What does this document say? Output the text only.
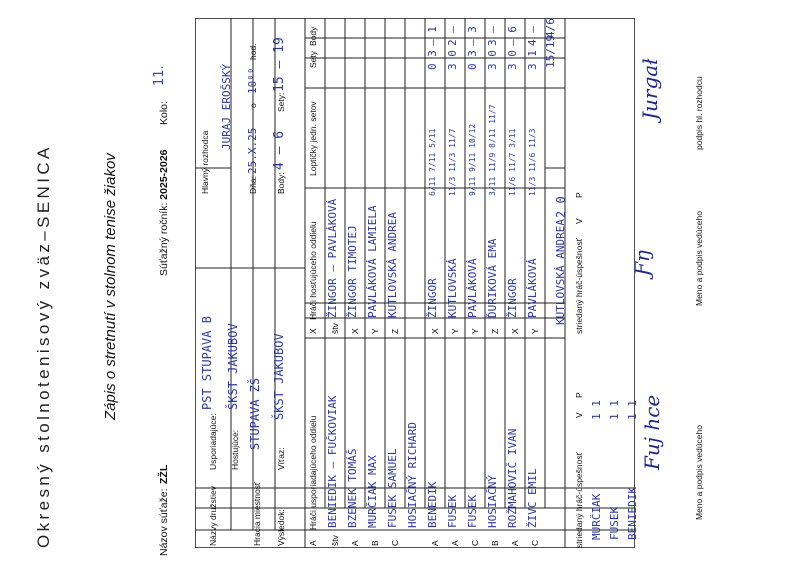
Okresný stolnotenisový zväz–SENICA	Zápis o stretnutí v stolnom tenise žiakov
Názov súťaže:
ZŽL
Súťažný ročník: 2025-2026
Kolo:
11.
Názvy družstiev
Usporiadajúce: Hostujúce:
PST STUPAVA B ŠKST JAKUBOV
Hracia miestnosť
STUPAVA ZŠ
Výsledok:
Víťaz:
ŠKST JAKUBOV
Hlavný rozhodca
JURAJ EROŠSKÝ
Dňa:
25.X.25
o
10⁰⁰
hod.
Body:
4 – 6
Sety:
15 – 19
A
Hráči usporiadajúceho oddielu
X
Hráči hosťujúceho oddielu
Loptičky jedn. setov
Sety
Body
štv
BENIEDIK – FUČKOVIAK
A
BZENEK TOMÁŠ
B
MURČIAK MAX
C
FUSEK SAMUEL HOSIAČNÝ RICHARD
štv
ŽINGOR – PAVLÁKOVÁ
X
ŽINGOR TIMOTEJ
Y
PAVLÁKOVÁ LAMIELA
Z
KUTLOVSKÁ ANDREA
A
BENEDIK
X
ŽINGOR
6/11 7/11 5/11
0 3
– 1
A
FUSEK
Y
KUTLOVSKÁ
11/3 11/3 11/7
3 0
2 –
C
FUSEK
Y
PAVLÁKOVÁ
9/11 9/11 10/12
0 3
– 3
B
HOSIAČNÝ
Z
ĎURIKOVÁ EMA
3/11 11/9 8/11 11/7
3 0
3 –
A
ROŽMAHOVIČ IVAN
X
ŽINGOR
11/6 11/7 3/11
3 0
– 6
C
ŽIVC EMIL
Y
PAVLÁKOVÁ
11/3 11/6 11/3
3 1
4 –
striedaný hráč-úspešnosť
V
P
striedaný hráč-úspešnosť
V
P
KUTLOVSKÁ ANDREA
2 0
15/19
4/6
MURČIAK
1 1
FUSEK
1 1
BENIEDIK
1 1
Meno a podpis vedúceho
Meno a podpis vedúceho
podpis hl. rozhodcu
Fuj hce
Ƒŋ
Jurgał
